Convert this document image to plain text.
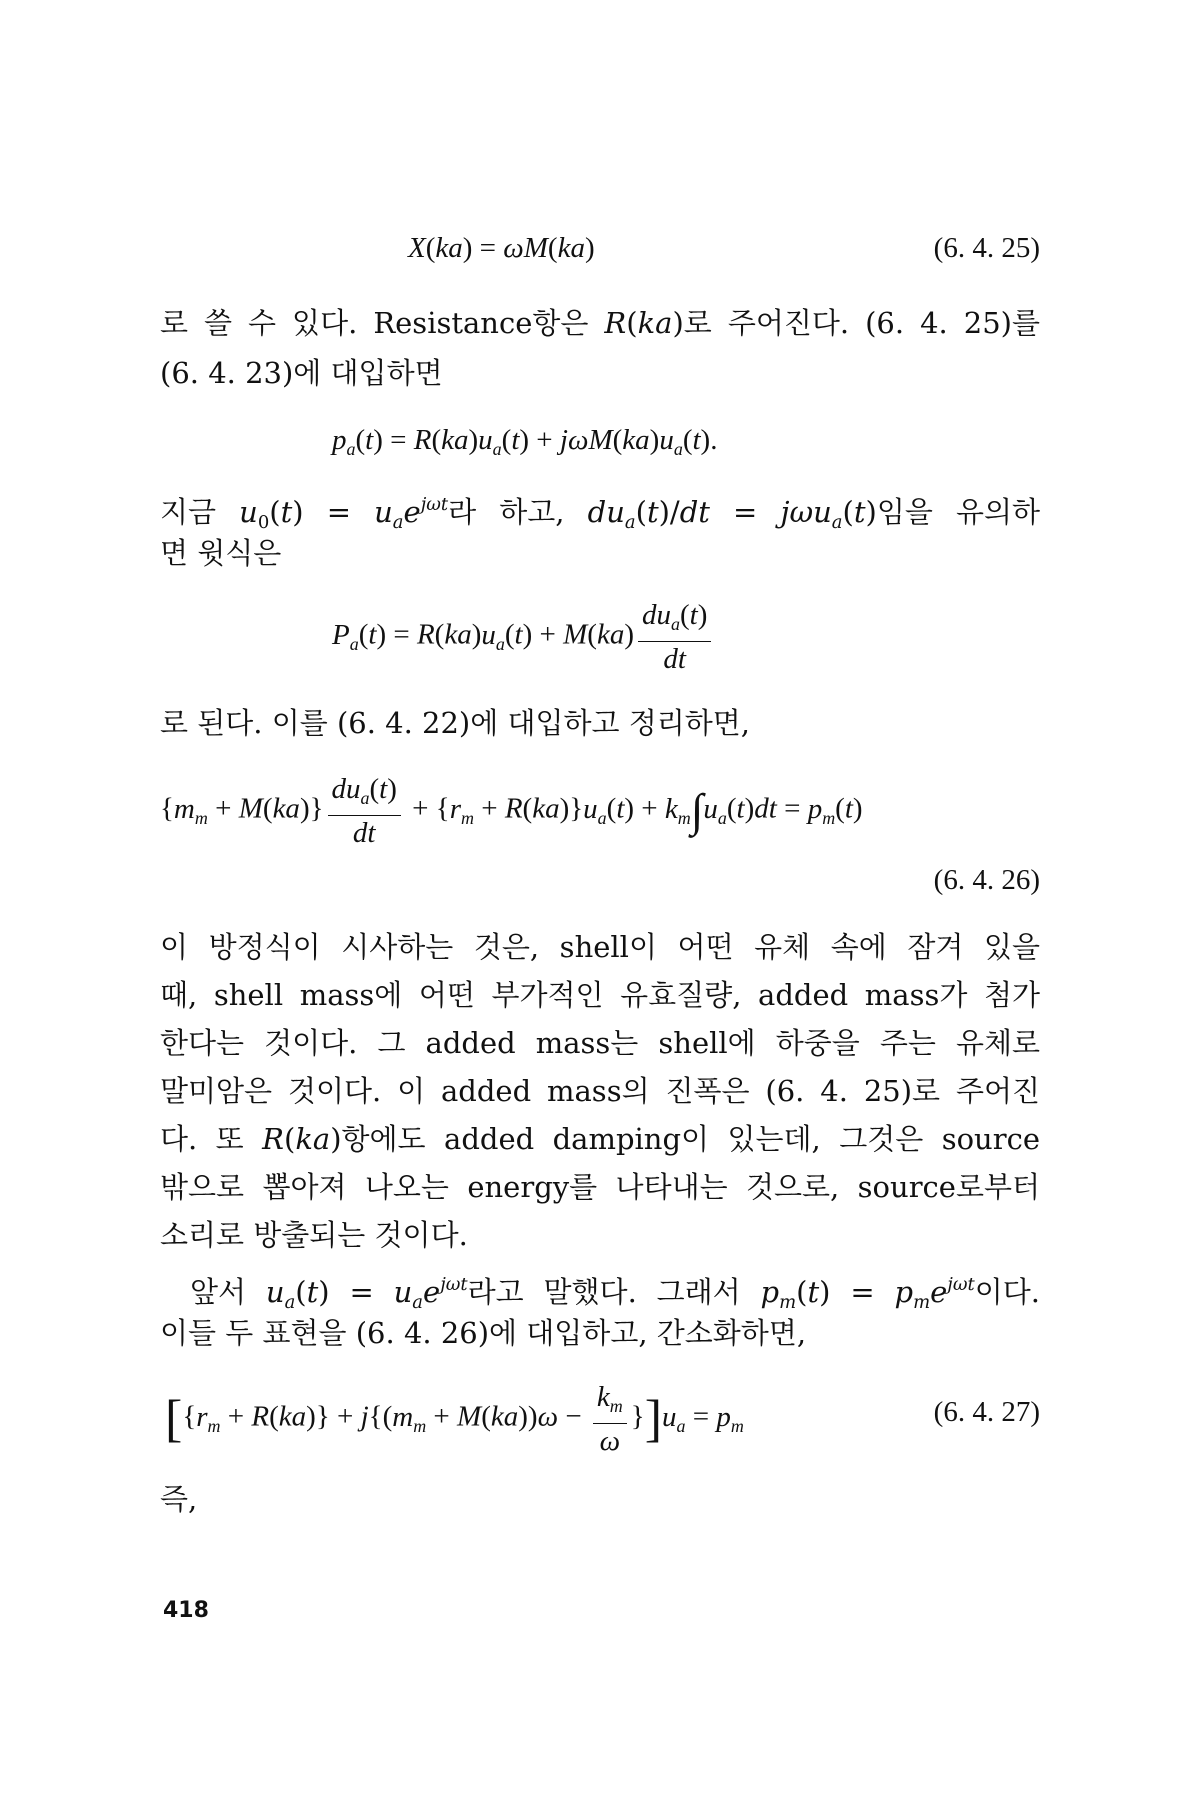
X(ka) = ωM(ka)	(6. 4. 25)
로 쓸 수 있다. Resistance항은 R(ka)로 주어진다. (6. 4. 25)를
(6. 4. 23)에 대입하면
$p_a(t) = R(ka)u_a(t) + j\omega M(ka)u_a(t)$.
지금 $u_0(t) = u_ae^{j\omega t}$라 하고, $du_a(t)/dt = j\omega u_a(t)$임을 유의하
면 윗식은
$P_a(t) = R(ka)u_a(t) + M(ka) \frac{du_a(t)}{dt}$
로 된다. 이를 (6. 4. 22)에 대입하고 정리하면,
$\{m_m + M(ka)\} \frac{du_a(t)}{dt} + \{r_m + R(ka)\}u_a(t) + k_m\int u_a(t)dt = p_m(t)$
(6. 4. 26)
이 방정식이 시사하는 것은, shell이 어떤 유체 속에 잠겨 있을
때, shell mass에 어떤 부가적인 유효질량, added mass가 첨가
한다는 것이다. 그 added mass는 shell에 하중을 주는 유체로
말미암은 것이다. 이 added mass의 진폭은 (6. 4. 25)로 주어진
다. 또 R(ka)항에도 added damping이 있는데, 그것은 source
밖으로 뽑아져 나오는 energy를 나타내는 것으로, source로부터
소리로 방출되는 것이다.
앞서 $u_a(t) = u_ae^{j\omega t}$라고 말했다. 그래서 $p_m(t) = p_me^{j\omega t}$이다.
이들 두 표현을 (6. 4. 26)에 대입하고, 간소화하면,
$[\{r_m + R(ka)\} + j\{(m_m + M(ka))\omega - \frac{k_m}{\omega} \}]u_a = p_m$	(6. 4. 27)
즉,
418
